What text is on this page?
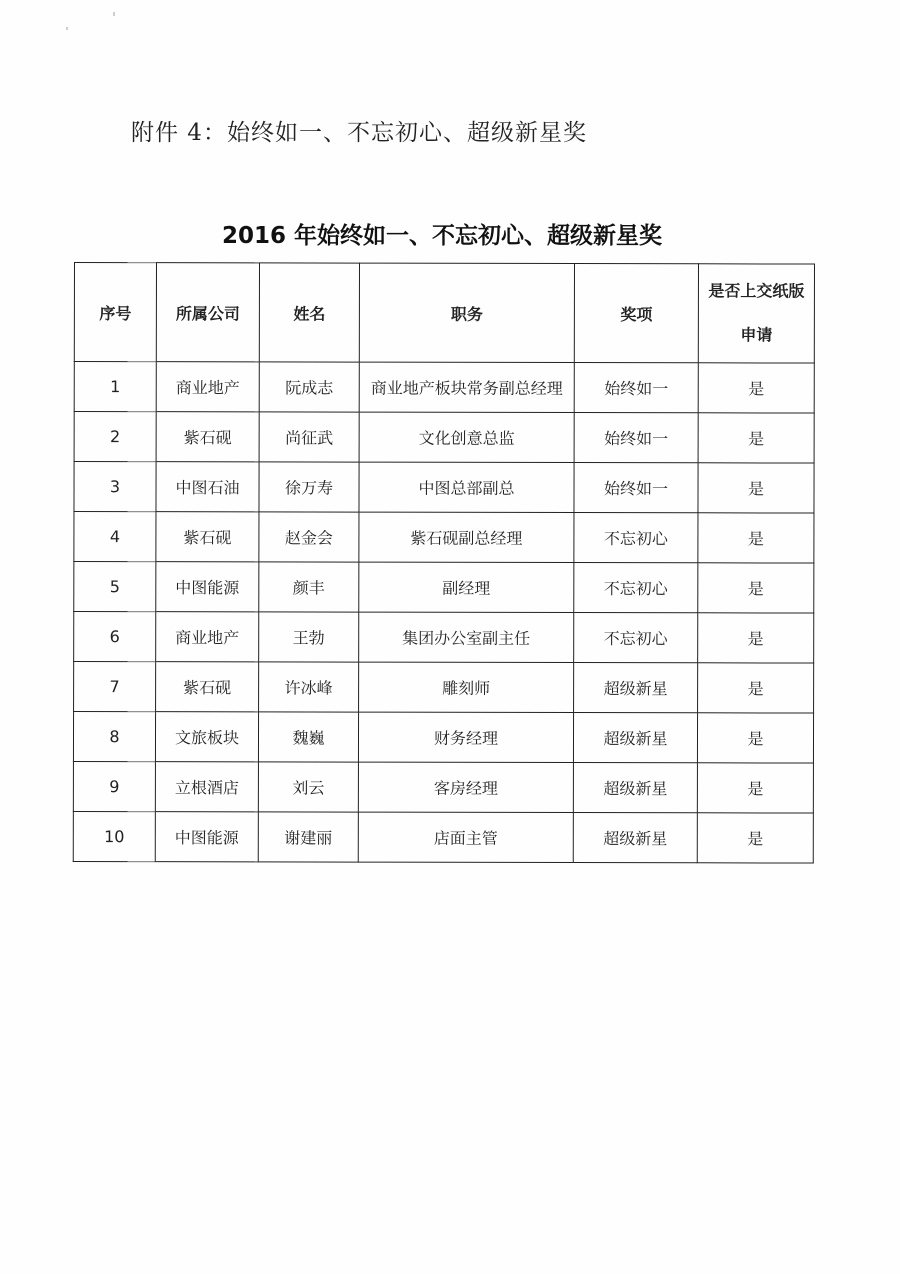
附件 4：始终如一、不忘初心、超级新星奖
2016 年始终如一、不忘初心、超级新星奖
序号	所属公司	姓名	职务	奖项	是否上交纸版
申请

1	商业地产	阮成志	商业地产板块常务副总经理	始终如一	是
2	紫石砚	尚征武	文化创意总监	始终如一	是
3	中图石油	徐万寿	中图总部副总	始终如一	是
4	紫石砚	赵金会	紫石砚副总经理	不忘初心	是
5	中图能源	颜丰	副经理	不忘初心	是
6	商业地产	王勃	集团办公室副主任	不忘初心	是
7	紫石砚	许冰峰	雕刻师	超级新星	是
8	文旅板块	魏巍	财务经理	超级新星	是
9	立根酒店	刘云	客房经理	超级新星	是
10	中图能源	谢建丽	店面主管	超级新星	是
